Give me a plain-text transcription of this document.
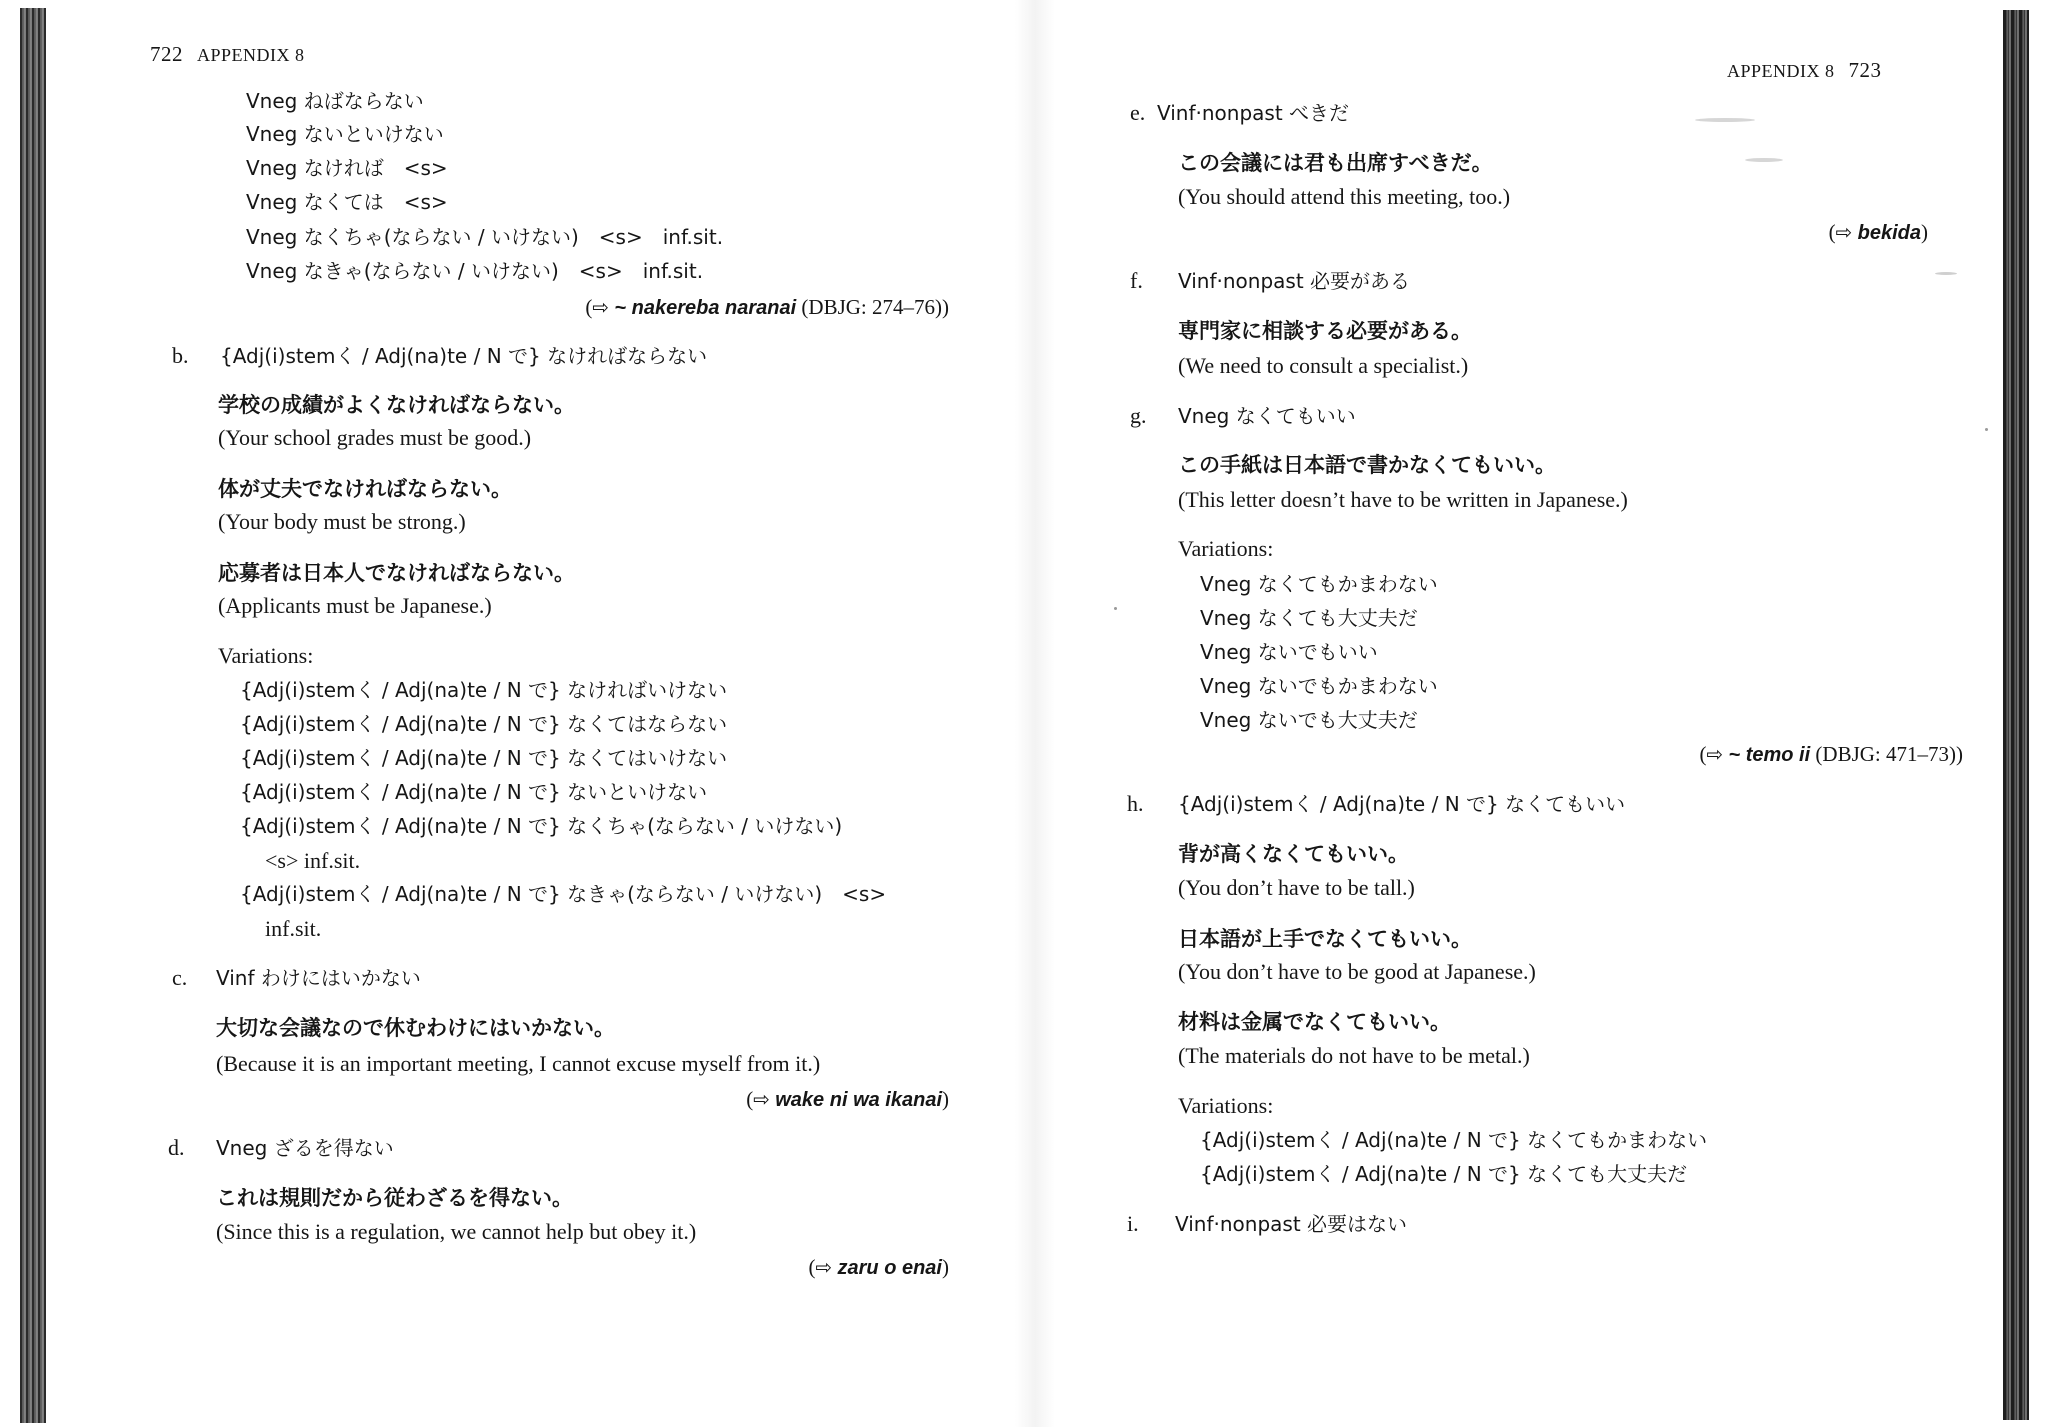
722 APPENDIX 8
Vneg ねばならない
Vneg ないといけない
Vneg なければ　<s>
Vneg なくては　<s>
Vneg なくちゃ(ならない / いけない)　<s>　inf.sit.
Vneg なきゃ(ならない / いけない)　<s>　inf.sit.
(⇨ ~ nakereba naranai (DBJG: 274–76))
b. {Adj(i)stemく / Adj(na)te / N で} なければならない
学校の成績がよくなければならない。
(Your school grades must be good.)
体が丈夫でなければならない。
(Your body must be strong.)
応募者は日本人でなければならない。
(Applicants must be Japanese.)
Variations:
{Adj(i)stemく / Adj(na)te / N で} なければいけない
{Adj(i)stemく / Adj(na)te / N で} なくてはならない
{Adj(i)stemく / Adj(na)te / N で} なくてはいけない
{Adj(i)stemく / Adj(na)te / N で} ないといけない
{Adj(i)stemく / Adj(na)te / N で} なくちゃ(ならない / いけない)
<s> inf.sit.
{Adj(i)stemく / Adj(na)te / N で} なきゃ(ならない / いけない)　<s>
inf.sit.
c. Vinf わけにはいかない
大切な会議なので休むわけにはいかない。
(Because it is an important meeting, I cannot excuse myself from it.)
(⇨ wake ni wa ikanai)
d. Vneg ざるを得ない
これは規則だから従わざるを得ない。
(Since this is a regulation, we cannot help but obey it.)
(⇨ zaru o enai)
APPENDIX 8 723
e. Vinf·nonpast べきだ
この会議には君も出席すべきだ。
(You should attend this meeting, too.)
(⇨ bekida)
f. Vinf·nonpast 必要がある
専門家に相談する必要がある。
(We need to consult a specialist.)
g. Vneg なくてもいい
この手紙は日本語で書かなくてもいい。
(This letter doesn’t have to be written in Japanese.)
Variations:
Vneg なくてもかまわない
Vneg なくても大丈夫だ
Vneg ないでもいい
Vneg ないでもかまわない
Vneg ないでも大丈夫だ
(⇨ ~ temo ii (DBJG: 471–73))
h. {Adj(i)stemく / Adj(na)te / N で} なくてもいい
背が高くなくてもいい。
(You don’t have to be tall.)
日本語が上手でなくてもいい。
(You don’t have to be good at Japanese.)
材料は金属でなくてもいい。
(The materials do not have to be metal.)
Variations:
{Adj(i)stemく / Adj(na)te / N で} なくてもかまわない
{Adj(i)stemく / Adj(na)te / N で} なくても大丈夫だ
i. Vinf·nonpast 必要はない
